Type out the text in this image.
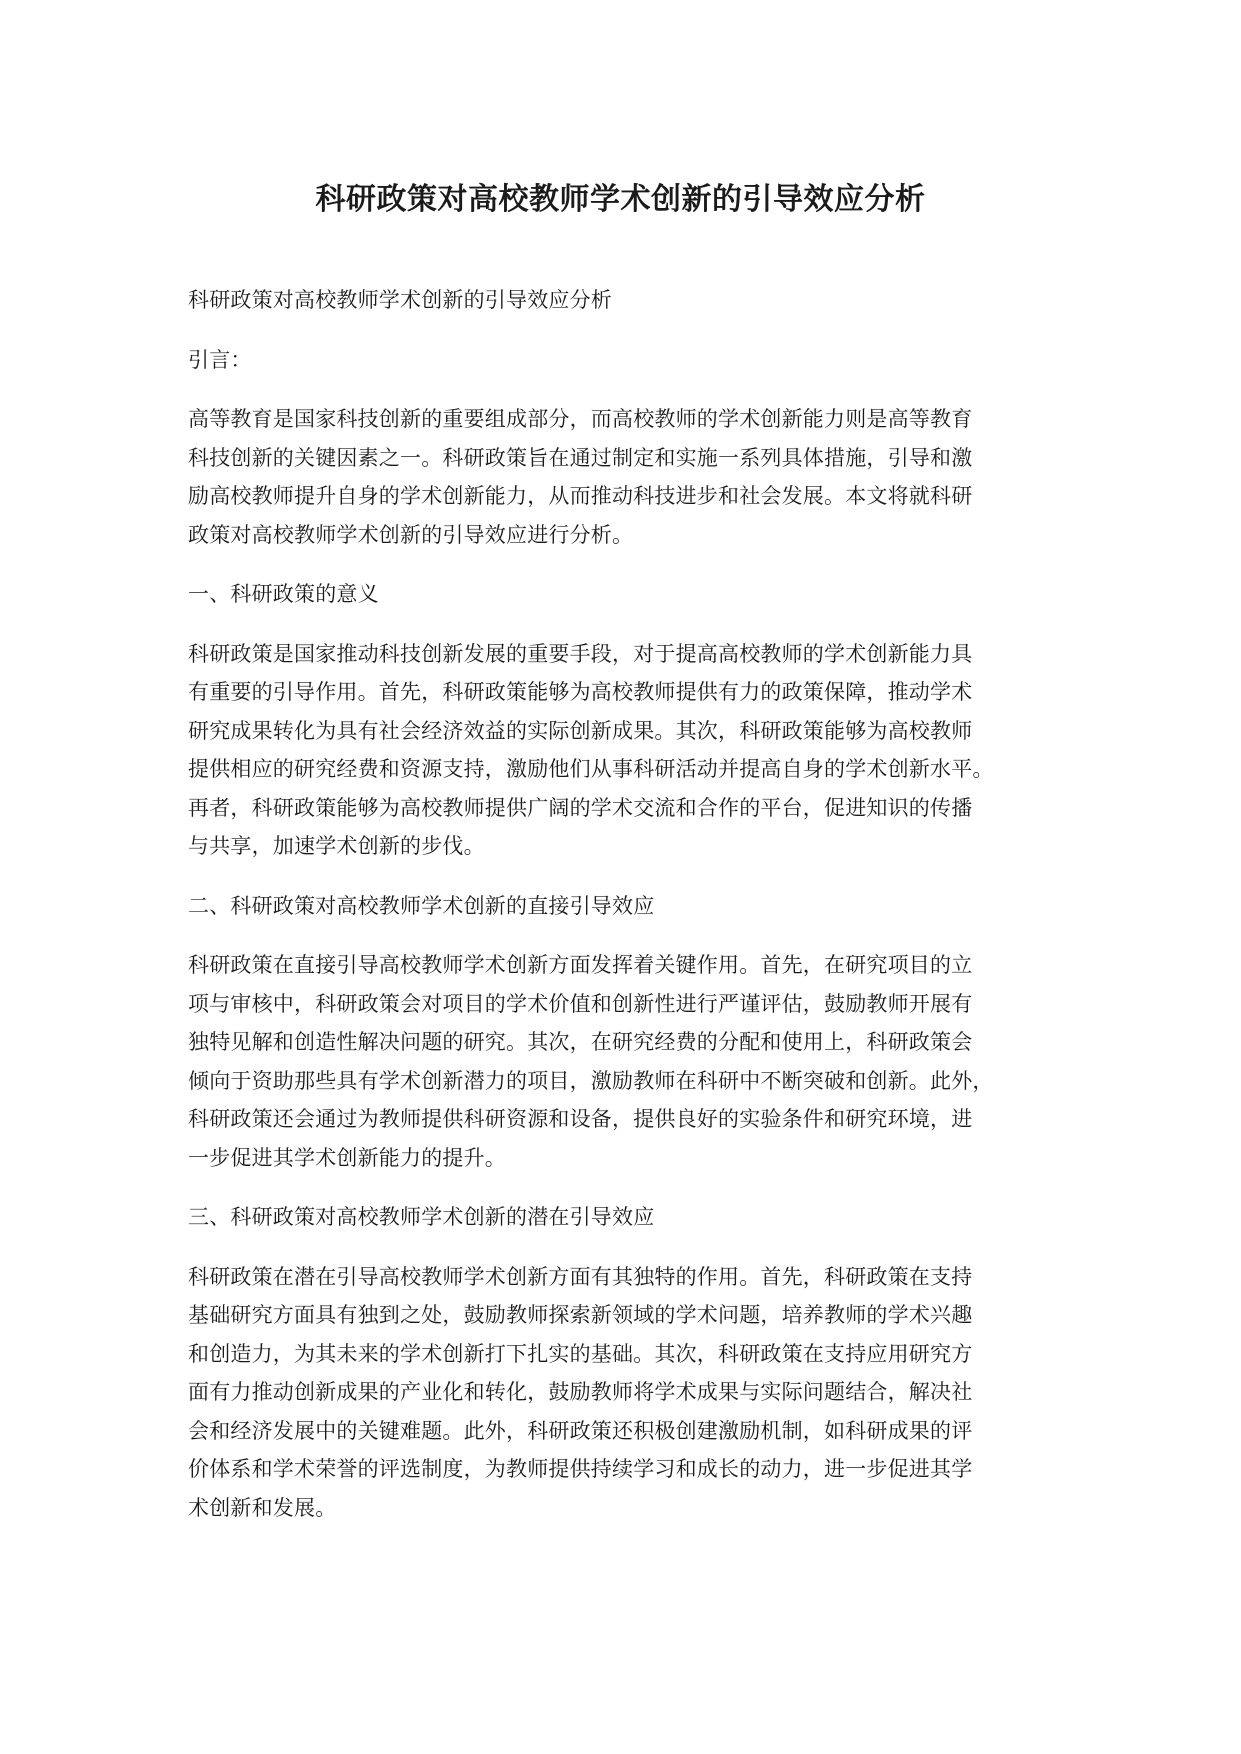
科研政策对高校教师学术创新的引导效应分析

科研政策对高校教师学术创新的引导效应分析

引言：

高等教育是国家科技创新的重要组成部分，而高校教师的学术创新能力则是高等教育
科技创新的关键因素之一。科研政策旨在通过制定和实施一系列具体措施，引导和激
励高校教师提升自身的学术创新能力，从而推动科技进步和社会发展。本文将就科研
政策对高校教师学术创新的引导效应进行分析。

一、科研政策的意义

科研政策是国家推动科技创新发展的重要手段，对于提高高校教师的学术创新能力具
有重要的引导作用。首先，科研政策能够为高校教师提供有力的政策保障，推动学术
研究成果转化为具有社会经济效益的实际创新成果。其次，科研政策能够为高校教师
提供相应的研究经费和资源支持，激励他们从事科研活动并提高自身的学术创新水平。
再者，科研政策能够为高校教师提供广阔的学术交流和合作的平台，促进知识的传播
与共享，加速学术创新的步伐。

二、科研政策对高校教师学术创新的直接引导效应

科研政策在直接引导高校教师学术创新方面发挥着关键作用。首先，在研究项目的立
项与审核中，科研政策会对项目的学术价值和创新性进行严谨评估，鼓励教师开展有
独特见解和创造性解决问题的研究。其次，在研究经费的分配和使用上，科研政策会
倾向于资助那些具有学术创新潜力的项目，激励教师在科研中不断突破和创新。此外，
科研政策还会通过为教师提供科研资源和设备，提供良好的实验条件和研究环境，进
一步促进其学术创新能力的提升。

三、科研政策对高校教师学术创新的潜在引导效应

科研政策在潜在引导高校教师学术创新方面有其独特的作用。首先，科研政策在支持
基础研究方面具有独到之处，鼓励教师探索新领域的学术问题，培养教师的学术兴趣
和创造力，为其未来的学术创新打下扎实的基础。其次，科研政策在支持应用研究方
面有力推动创新成果的产业化和转化，鼓励教师将学术成果与实际问题结合，解决社
会和经济发展中的关键难题。此外，科研政策还积极创建激励机制，如科研成果的评
价体系和学术荣誉的评选制度，为教师提供持续学习和成长的动力，进一步促进其学
术创新和发展。
